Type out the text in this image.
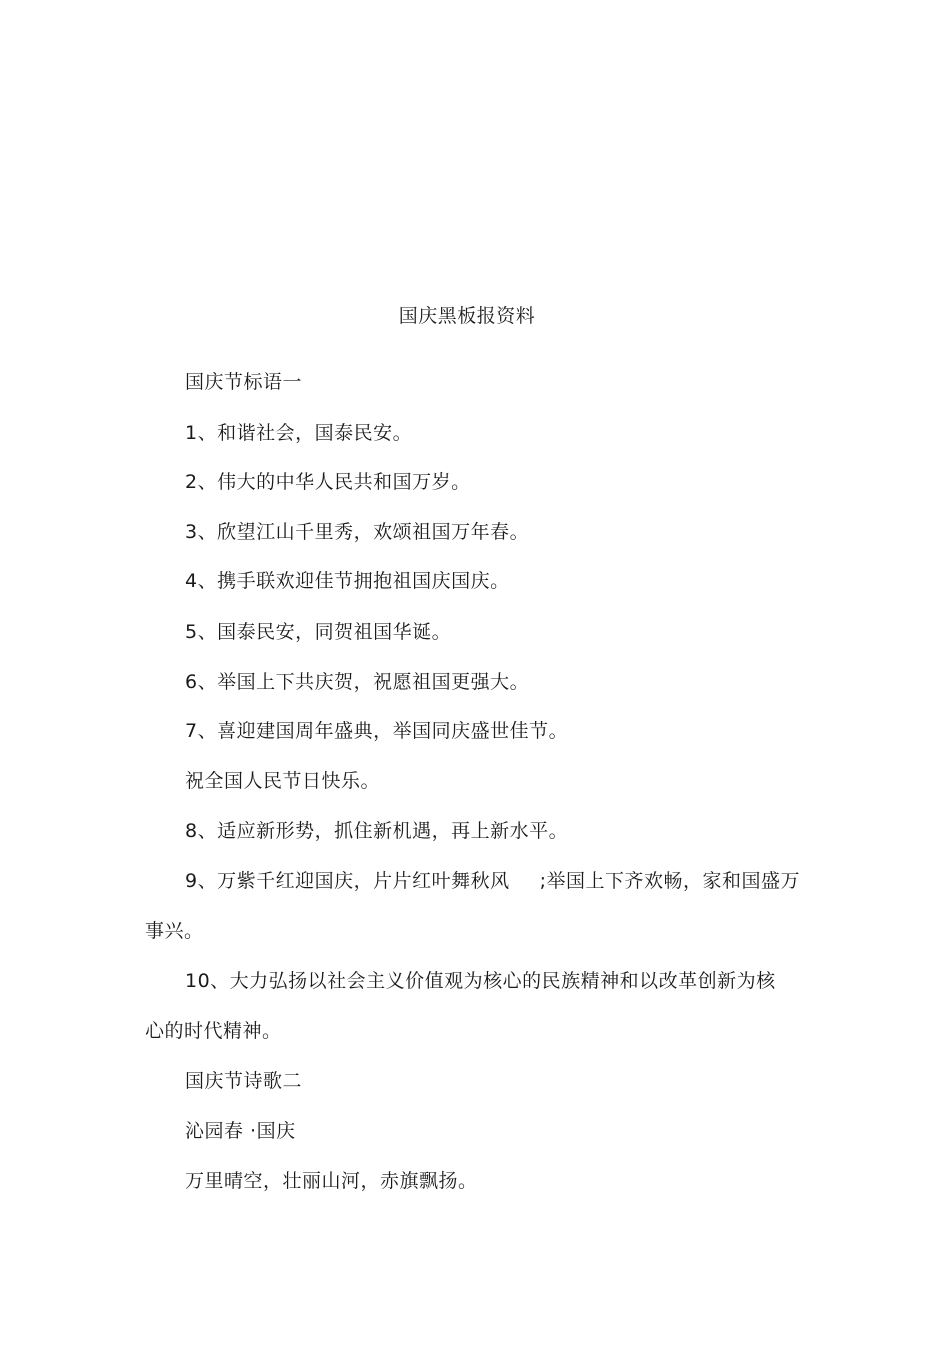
国庆黑板报资料
国庆节标语一
1、和谐社会，国泰民安。
2、伟大的中华人民共和国万岁。
3、欣望江山千里秀，欢颂祖国万年春。
4、携手联欢迎佳节拥抱祖国庆国庆。
5、国泰民安，同贺祖国华诞。
6、举国上下共庆贺，祝愿祖国更强大。
7、喜迎建国周年盛典，举国同庆盛世佳节。
祝全国人民节日快乐。
8、适应新形势，抓住新机遇，再上新水平。
9、万紫千红迎国庆，片片红叶舞秋风 ;举国上下齐欢畅，家和国盛万
事兴。
10、大力弘扬以社会主义价值观为核心的民族精神和以改革创新为核
心的时代精神。
国庆节诗歌二
沁园春 ·国庆
万里晴空，壮丽山河，赤旗飘扬。
